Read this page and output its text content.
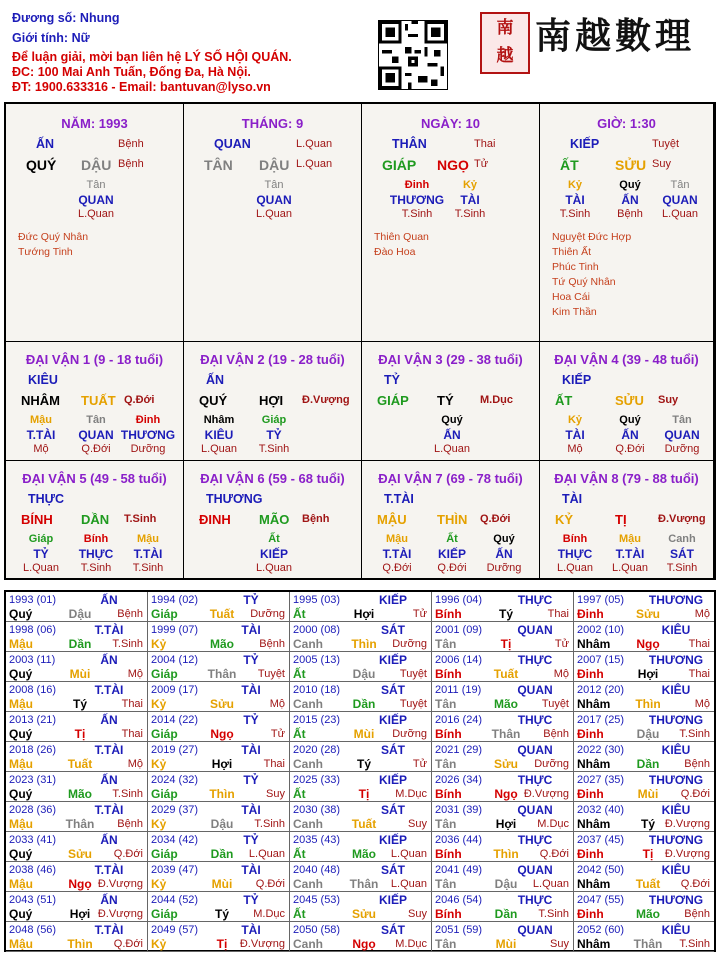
Đương số: Nhung
Giới tính: Nữ
Để luận giải, mời bạn liên hệ LÝ SỐ HỘI QUÁN.
ĐC: 100 Mai Anh Tuấn, Đống Đa, Hà Nội.
ĐT: 1900.633316 - Email: bantuvan@lyso.vn
南
越 南越數理
NĂM: 1993
ẤN	Bệnh
QUÝ DẬU Bệnh
Tân
QUAN
L.Quan
Đức Quý Nhân
Tướng Tinh
THÁNG: 9
QUAN	L.Quan
TÂN DẬU L.Quan
Tân
QUAN
L.Quan
NGÀY: 10
THÂN	Thai
GIÁP NGỌ Tử
Đinh
THƯƠNG
T.Sinh
Kỷ
TÀI
T.Sinh
Thiên Quan
Đào Hoa
GIỜ: 1:30
KIẾP	Tuyệt
ẤT	SỬU Suy
Kỷ
TÀI
T.Sinh
Quý
ẤN
Bệnh
Tân
QUAN
L.Quan
Nguyệt Đức Hợp
Thiên Ất
Phúc Tinh
Tứ Quý Nhân
Hoa Cái
Kim Thần
ĐẠI VẬN 1 (9 - 18 tuổi)
KIÊU
NHÂM TUẤT Q.Đới
Mậu
T.TÀI
Mộ
Tân
QUAN
Q.Đới
Đinh
THƯƠNG
Dưỡng
ĐẠI VẬN 2 (19 - 28 tuổi)
ẤN
QUÝ HỢI Đ.Vượng
Nhâm
KIÊU
L.Quan
Giáp
TỶ
T.Sinh
ĐẠI VẬN 3 (29 - 38 tuổi)
TỶ
GIÁP TÝ M.Dục
Quý
ẤN
L.Quan
ĐẠI VẬN 4 (39 - 48 tuổi)
KIẾP
ẤT	SỬU Suy
Kỷ
TÀI
Mộ
Quý
ẤN
Q.Đới
Tân
QUAN
Dưỡng
ĐẠI VẬN 5 (49 - 58 tuổi)
THỰC
BÍNH DẦN T.Sinh
Giáp
TỶ
L.Quan
Bính
THỰC
T.Sinh
Mậu
T.TÀI
T.Sinh
ĐẠI VẬN 6 (59 - 68 tuổi)
THƯƠNG
ĐINH MÃO Bệnh
Ất
KIẾP
L.Quan
ĐẠI VẬN 7 (69 - 78 tuổi)
T.TÀI
MẬU THÌN Q.Đới
Mậu
T.TÀI
Q.Đới
Ất
KIẾP
Q.Đới
Quý
ẤN
Dưỡng
ĐẠI VẬN 8 (79 - 88 tuổi)
TÀI
KỶ	TỊ	Đ.Vượng
Bính
THỰC
L.Quan
Mậu
T.TÀI
L.Quan
Canh
SÁT
T.Sinh
1993 (01)	ẤN
Quý	Dậu	Bệnh
1994 (02)	TỶ
Giáp	Tuất	Dưỡng
1995 (03)	KIẾP
Ất	Hợi	Tử
1996 (04)	THỰC
Bính	Tý	Thai
1997 (05) THƯƠNG
Đinh	Sửu	Mộ
1998 (06)	T.TÀI
Mậu	Dần	T.Sinh
1999 (07)	TÀI
Kỷ	Mão	Bệnh
2000 (08)	SÁT
Canh	Thìn	Dưỡng
2001 (09)	QUAN
Tân	Tị	Tử
2002 (10)	KIÊU
Nhâm	Ngọ	Thai
2003 (11)	ẤN
Quý	Mùi	Mộ
2004 (12)	TỶ
Giáp	Thân	Tuyệt
2005 (13)	KIẾP
Ất	Dậu	Tuyệt
2006 (14)	THỰC
Bính	Tuất	Mộ
2007 (15) THƯƠNG
Đinh	Hợi	Thai
2008 (16)	T.TÀI
Mậu	Tý	Thai
2009 (17)	TÀI
Kỷ	Sửu	Mộ
2010 (18)	SÁT
Canh	Dần	Tuyệt
2011 (19)	QUAN
Tân	Mão	Tuyệt
2012 (20)	KIÊU
Nhâm	Thìn	Mộ
2013 (21)	ẤN
Quý	Tị	Thai
2014 (22)	TỶ
Giáp	Ngọ	Tử
2015 (23)	KIẾP
Ất	Mùi	Dưỡng
2016 (24)	THỰC
Bính	Thân	Bệnh
2017 (25) THƯƠNG
Đinh	Dậu	T.Sinh
2018 (26)	T.TÀI
Mậu	Tuất	Mộ
2019 (27)	TÀI
Kỷ	Hợi	Thai
2020 (28)	SÁT
Canh	Tý	Tử
2021 (29)	QUAN
Tân	Sửu	Dưỡng
2022 (30)	KIÊU
Nhâm	Dần	Bệnh
2023 (31)	ẤN
Quý	Mão	T.Sinh
2024 (32)	TỶ
Giáp	Thìn	Suy
2025 (33)	KIẾP
Ất	Tị	M.Dục
2026 (34)	THỰC
Bính	Ngọ Đ.Vượng
2027 (35) THƯƠNG
Đinh	Mùi	Q.Đới
2028 (36)	T.TÀI
Mậu	Thân	Bệnh
2029 (37)	TÀI
Kỷ	Dậu	T.Sinh
2030 (38)	SÁT
Canh	Tuất	Suy
2031 (39)	QUAN
Tân	Hợi	M.Dục
2032 (40)	KIÊU
Nhâm	Tý Đ.Vượng
2033 (41)	ẤN
Quý	Sửu	Q.Đới
2034 (42)	TỶ
Giáp	Dần	L.Quan
2035 (43)	KIẾP
Ất	Mão	L.Quan
2036 (44)	THỰC
Bính	Thìn	Q.Đới
2037 (45) THƯƠNG
Đinh	Tị	Đ.Vượng
2038 (46)	T.TÀI
Mậu	Ngọ Đ.Vượng
2039 (47)	TÀI
Kỷ	Mùi	Q.Đới
2040 (48)	SÁT
Canh	Thân	L.Quan
2041 (49)	QUAN
Tân	Dậu	L.Quan
2042 (50)	KIÊU
Nhâm	Tuất	Q.Đới
2043 (51)	ẤN
Quý	Hợi Đ.Vượng
2044 (52)	TỶ
Giáp	Tý	M.Dục
2045 (53)	KIẾP
Ất	Sửu	Suy
2046 (54)	THỰC
Bính	Dần	T.Sinh
2047 (55) THƯƠNG
Đinh	Mão	Bệnh
2048 (56)	T.TÀI
Mậu	Thìn	Q.Đới
2049 (57)	TÀI
Kỷ	Tị	Đ.Vượng
2050 (58)	SÁT
Canh	Ngọ	M.Dục
2051 (59)	QUAN
Tân	Mùi	Suy
2052 (60)	KIÊU
Nhâm	Thân	T.Sinh
